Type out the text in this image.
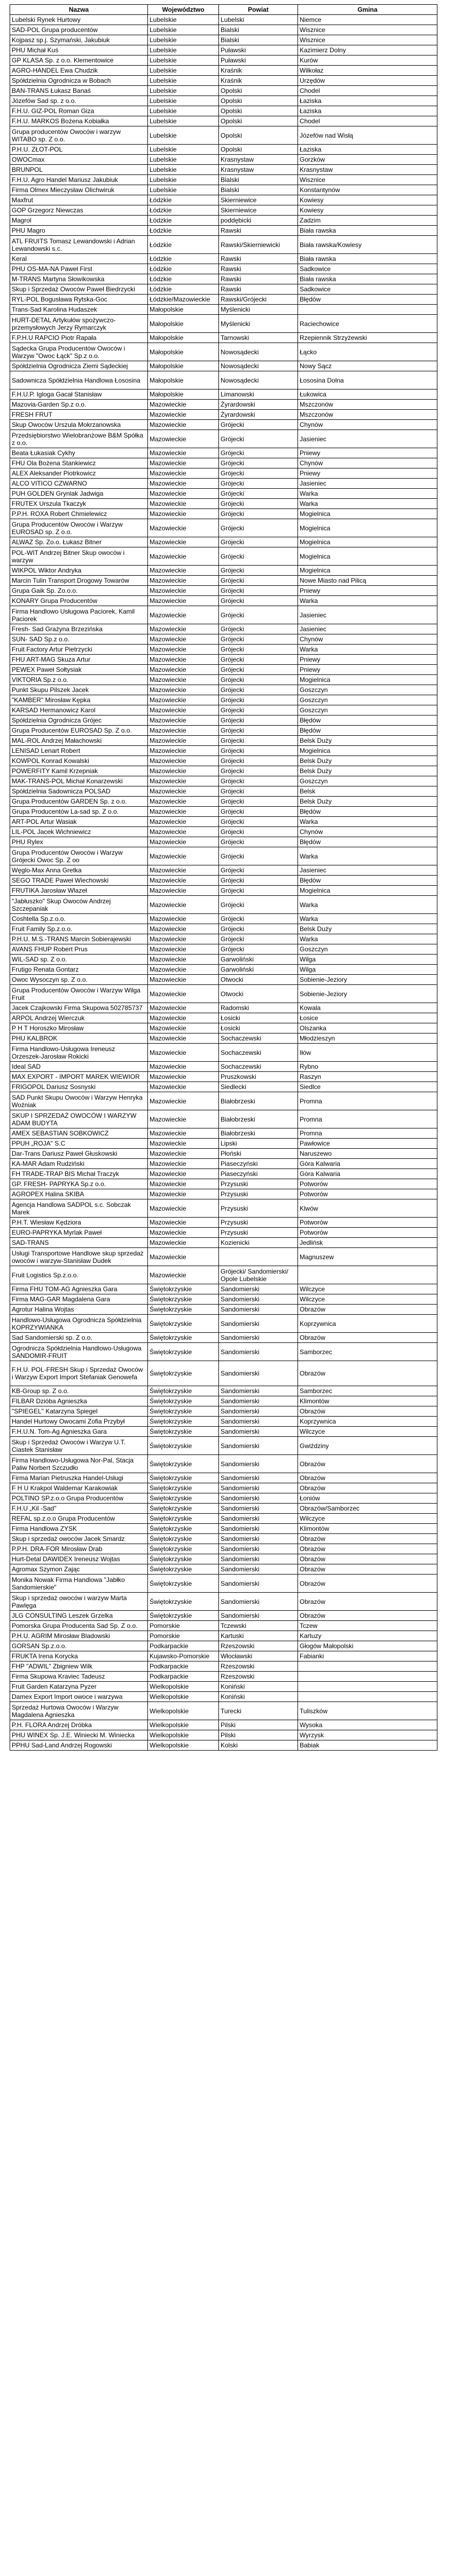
Nazwa	Województwo	Powiat	Gmina
Lubelski Rynek Hurtowy	Lubelskie	Lubelski	Niemce
SAD-POL Grupa producentów	Lubelskie	Bialski	Wisznice
Kojpasz sp.j. Szymański, Jakubiuk	Lubelskie	Bialski	Wisznice
PHU Michał Kuś	Lubelskie	Puławski	Kazimierz Dolny
GP KLASA Sp. z o.o. Klementowice	Lubelskie	Puławski	Kurów
AGRO-HANDEL Ewa Chudzik	Lubelskie	Kraśnik	Wilkołaz
Spółdzielnia Ogrodnicza w Bobach	Lubelskie	Kraśnik	Urzędów
BAN-TRANS Łukasz Banaś	Lubelskie	Opolski	Chodel
Józefów Sad sp. z o.o.	Lubelskie	Opolski	Łaziska
F.H.U. GIZ-POL Roman Giza	Lubelskie	Opolski	Łaziska
F.H.U. MARKOS Bożena Kobiałka	Lubelskie	Opolski	Chodel
Grupa producentów Owoców i warzyw WITABO sp. Z o.o.	Lubelskie	Opolski	Józefów nad Wisłą
P.H.U. ZŁOT-POL	Lubelskie	Opolski	Łaziska
OWOCmax	Lubelskie	Krasnystaw	Gorzków
BRUNPOL	Lubelskie	Krasnystaw	Krasnystaw
F.H.U. Agro Handel Mariusz Jakubiuk	Lubelskie	Bialski	Wisznice
Firma Olmex Mieczysław Olichwiruk	Lubelskie	Bialski	Konstantynów
Maxfrut	Łódzkie	Skierniewice	Kowiesy
GOP Grzegorz Niewczas	Łódzkie	Skierniewice	Kowiesy
Magrol	Łódzkie	poddębicki	Zadzim
PHU Magro	Łódzkie	Rawski	Biała rawska
ATL FRUITS Tomasz Lewandowski i Adrian Lewandowski s.c.	Łódzkie	Rawski/Skierniewicki	Biała rawska/Kowiesy
Keral	Łódzkie	Rawski	Biała rawska
PHU OS-MA-NA Paweł First	Łódzkie	Rawski	Sadkowice
M-TRANS Martyna Słowikowska	Łódzkie	Rawski	Biała rawska
Skup i Sprzedaż Owoców Paweł Biedrzycki	Łódzkie	Rawski	Sadkowice
RYL-POL Bogusława Rytska-Goc	Łódzkie/Mazowieckie	Rawski/Grójecki	Błędów
Trans-Sad Karolina Hudaszek	Małopolskie	Myślenicki	
HURT-DETAL Artykułów spożywczo-przemysłowych Jerzy Rymarczyk	Małopolskie	Myślenicki	Raciechowice
F.P.H.U RAPCIO Piotr Rapała	Małopolskie	Tarnowski	Rzepiennik Strzyżewski
Sądecka Grupa Producentów Owoców i Warzyw "Owoc Łąck" Sp.z o.o.	Małopolskie	Nowosądecki	Łącko
Spółdzielnia Ogrodnicza Ziemi Sądeckiej	Małopolskie	Nowosądecki	Nowy Sącz
Sadownicza Spółdzielnia Handlowa Łososina	Małopolskie	Nowosądecki	Łososina Dolna
F.H.U.P. Igloga Gacał Stanisław	Małopolskie	Limanowski	Łukowica
Mazovia-Garden Sp.z o.o.	Mazowieckie	Żyrardowski	Mszczonów
FRESH FRUT	Mazowieckie	Żyrardowski	Mszczonów
Skup Owoców Urszula Mokrzanowska	Mazowieckie	Grójecki	Chynów
Przedsiębiorstwo Wielobranżowe B&M Spółka z o.o.	Mazowieckie	Grójecki	Jasieniec
Beata Łukasiak Cykhy	Mazowieckie	Grójecki	Pniewy
FHU Ola Bożena Stankiewicz	Mazowieckie	Grójecki	Chynów
ALEX Aleksander Piotrkowicz	Mazowieckie	Grójecki	Pniewy
ALCO VITICO CZWARNO	Mazowieckie	Grójecki	Jasieniec
PUH GOLDEN Grynlak Jadwiga	Mazowieckie	Grójecki	Warka
FRUTEX Urszula Tkaczyk	Mazowieckie	Grójecki	Warka
P.P.H. ROXA Robert Chmielewicz	Mazowieckie	Grójecki	Mogielnica
Grupa Producentów Owoców i Warzyw EUROSAD sp. Z o.o.	Mazowieckie	Grójecki	Mogielnica
ALWAZ Sp. Zo.o. Łukasz Bitner	Mazowieckie	Grójecki	Mogielnica
POL-WIT Andrzej Bitner Skup owoców i warzyw	Mazowieckie	Grójecki	Mogielnica
WIKPOL Wiktor Andryka	Mazowieckie	Grójecki	Mogielnica
Marcin Tulin Transport Drogowy Towarów	Mazowieckie	Grójecki	Nowe Miasto nad Pilicą
Grupa Gaik Sp. Zo.o.o.	Mazowieckie	Grójecki	Pniewy
KONARY Grupa Producentów	Mazowieckie	Grójecki	Warka
Firma Handlowo Usługowa Paciorek, Kamil Paciorek	Mazowieckie	Grójecki	Jasieniec
Fresh- Sad Grażyna Brzezińska	Mazowieckie	Grójecki	Jasieniec
SUN- SAD Sp.z o.o.	Mazowieckie	Grójecki	Chynów
Fruit Factory Artur Pietrzycki	Mazowieckie	Grójecki	Warka
FHU ART-MAG Skuza Artur	Mazowieckie	Grójecki	Pniewy
PEWEX Paweł Sołtysiak	Mazowieckie	Grójecki	Pniewy
VIKTORIA Sp.z o.o.	Mazowieckie	Grójecki	Mogielnica
Punkt Skupu Pilszek Jacek	Mazowieckie	Grójecki	Goszczyn
"KAMBER" Mirosław Kępka	Mazowieckie	Grójecki	Goszczyn
KARSAD Hermanowicz Karol	Mazowieckie	Grójecki	Goszczyn
Spółdzielnia Ogrodnicza Grójec	Mazowieckie	Grójecki	Błędów
Grupa Producentów EUROSAD Sp. Z o.o.	Mazowieckie	Grójecki	Błędów
MAL-ROL Andrzej Małachowski	Mazowieckie	Grójecki	Belsk Duży
LENISAD Lenart Robert	Mazowieckie	Grójecki	Mogielnica
KOWPOL Konrad Kowalski	Mazowieckie	Grójecki	Belsk Duży
POWERFITY Kamil Krzepniak	Mazowieckie	Grójecki	Belsk Duży
MAK-TRANS-POL Michał Konarzewski	Mazowieckie	Grójecki	Goszczyn
Spółdzielnia Sadownicza POLSAD	Mazowieckie	Grójecki	Belsk
Grupa Producentów GARDEN Sp. z o.o.	Mazowieckie	Grójecki	Belsk Duży
Grupa Producentów La-sad sp. Z o.o.	Mazowieckie	Grójecki	Błędów
ART-POL Artur Wasiak	Mazowieckie	Grójecki	Warka
LIL-POL Jacek Wichniewicz	Mazowieckie	Grójecki	Chynów
PHU Rylex	Mazowieckie	Grójecki	Błędów
Grupa Producentów Owoców i Warzyw Grójecki Owoc Sp. Z oo	Mazowieckie	Grójecki	Warka
Węglo-Max Anna Gretka	Mazowieckie	Grójecki	Jasieniec
SEGO TRADE Paweł Wiechowski	Mazowieckie	Grójecki	Błędów
FRUTIKA Jarosław Wlazeł	Mazowieckie	Grójecki	Mogielnica
"Jabłuszko" Skup Owoców Andrzej Szczepaniak	Mazowieckie	Grójecki	Warka
Coshtella Sp.z.o.o.	Mazowieckie	Grójecki	Warka
Fruit Family Sp.z.o.o.	Mazowieckie	Grójecki	Belsk Duży
P.H.U. M.S.-TRANS Marcin Sobierajewski	Mazowieckie	Grójecki	Warka
AVANS FHUP Robert Prus	Mazowieckie	Grójecki	Goszczyn
WIL-SAD sp. Z o.o.	Mazowieckie	Garwoliński	Wilga
Frutigo Renata Gontarz	Mazowieckie	Garwoliński	Wilga
Owoc Wysoczyn sp. Z o.o.	Mazowieckie	Otwocki	Sobienie-Jeziory
Grupa Producentów Owoców i Warzyw Wilga Fruit	Mazowieckie	Otwocki	Sobienie-Jeziory
Jacek Czajkowski Firma Skupowa 502785737	Mazowieckie	Radomski	Kowala
ARPOL Andrzej Wierczuk	Mazowieckie	Łosicki	Łosice
P H T Horoszko Mirosław	Mazowieckie	Łosicki	Olszanka
PHU KALBROK	Mazowieckie	Sochaczewski	Młodzieszyn
Firma Handlowo-Usługowa Ireneusz Orzeszek-Jarosław Rokicki	Mazowieckie	Sochaczewski	Iłów
Ideal SAD	Mazowieckie	Sochaczewski	Rybno
MAX EXPORT - IMPORT MAREK WIEWIOR	Mazowieckie	Pruszkowski	Raszyn
FRIGOPOL Dariusz Sosnyski	Mazowieckie	Siedlecki	Siedlce
SAD Punkt Skupu Owoców i Warzyw Henryka Woźniak	Mazowieckie	Białobrzeski	Promna
SKUP I SPRZEDAŻ OWOCÓW I WARZYW ADAM BUDYTA	Mazowieckie	Białobrzeski	Promna
AMEX SEBASTIAN SOBKOWICZ	Mazowieckie	Białobrzeski	Promna
PPUH „ROJA" S.C	Mazowieckie	Lipski	Pawłowice
Dar-Trans Dariusz Paweł Głuskowski	Mazowieckie	Płoński	Naruszewo
KA-MAR Adam Rudziński	Mazowieckie	Piaseczyński	Góra Kalwaria
FH TRADE-TRAP BIS Michał Traczyk	Mazowieckie	Piaseczyński	Góra Kalwaria
GP. FRESH- PAPRYKA Sp.z o.o.	Mazowieckie	Przysuski	Potworów
AGROPEX Halina SKIBA	Mazowieckie	Przysuski	Potworów
Agencja Handlowa SADPOL s.c. Sobczak Marek	Mazowieckie	Przysuski	Klwów
P.H.T. Wiesław Kędziora	Mazowieckie	Przysuski	Potworów
EURO-PAPRYKA Myrlak Paweł	Mazowieckie	Przysuski	Potworów
SAD-TRANS	Mazowieckie	Kozienicki	Jedlińsk
Usługi Transportowe Handlowe skup sprzedaż owoców i warzyw-Stanisław Dudek	Mazowieckie		Magnuszew
Fruit Logistics Sp.z.o.o.	Mazowieckie	Grójecki/ Sandomierski/ Opole Lubelskie	
Firma FHU TOM-AG Agnieszka Gara	Świętokrzyskie	Sandomierski	Wilczyce
Firma MAG-GAR Magdalena Gara	Świętokrzyskie	Sandomierski	Wilczyce
Agrotur Halina Wojtas	Świętokrzyskie	Sandomierski	Obrazów
Handlowo-Usługowa Ogrodnicza Spółdzielnia KOPRZYWIANKA	Świętokrzyskie	Sandomierski	Koprzywnica
Sad Sandomierski sp. Z o.o.	Świętokrzyskie	Sandomierski	Obrazów
Ogrodnicza Spółdzielnia Handlowo-Usługowa SANDOMIR-FRUIT	Świętokrzyskie	Sandomierski	Samborzec
F.H.U. POL-FRESH Skup i Sprzedaż Owoców i Warzyw Export Import Stefaniak Genowefa	Świętokrzyskie	Sandomierski	Obrazów
KB-Group sp. Z o.o.	Świętokrzyskie	Sandomierski	Samborzec
FILBAR Dzióba Agnieszka	Świętokrzyskie	Sandomierski	Klimontów
"SPIEGEL" Katarzyna Spiegel	Świętokrzyskie	Sandomierski	Obrazów
Handel Hurtowy Owocami Zofia Przybył	Świętokrzyskie	Sandomierski	Koprzywnica
F.H.U.N. Tom-Ag Agnieszka Gara	Świętokrzyskie	Sandomierski	Wilczyce
Skup i Sprzedaż Owoców i Warzyw U.T. Ciastek Stanisław	Świętokrzyskie	Sandomierski	Gwiździny
Firma Handlowo-Usługowa Nor-Pal, Stacja Paliw Norbert Szczudło	Świętokrzyskie	Sandomierski	Obrazów
Firma Marian Pietruszka Handel-Usługi	Świętokrzyskie	Sandomierski	Obrazów
F H U Krakpol Waldemar Karakowiak	Świętokrzyskie	Sandomierski	Obrazów
POLTINO SP.z.o.o Grupa Producentów	Świętokrzyskie	Sandomierski	Łoniów
F.H.U „Kil -Sad"	Świętokrzyskie	Sandomierski	Obrazów/Samborzec
REFAL sp.z.o.o Grupa Producentów	Świętokrzyskie	Sandomierski	Wilczyce
Firma Handlowa ZYSK	Świętokrzyskie	Sandomierski	Klimontów
Skup i sprzedaż owoców Jacek Smardz	Świętokrzyskie	Sandomierski	Obrazów
P.P.H. DRA-FOR Mirosław Drab	Świętokrzyskie	Sandomierski	Obrazów
Hurt-Detal DAWIDEX Ireneusz Wojtas	Świętokrzyskie	Sandomierski	Obrazów
Agromax Szymon Zając	Świętokrzyskie	Sandomierski	Obrazów
Monika Nowak Firma Handlowa "Jabłko Sandomierskie"	Świętokrzyskie	Sandomierski	Obrazów
Skup i sprzedaż owoców i warzyw Marta Pawlęga	Świętokrzyskie	Sandomierski	Obrazów
JLG CONSULTING Leszek Grzelka	Świętokrzyskie	Sandomierski	Obrazów
Pomorska Grupa Producenta Sad Sp. Z o.o.	Pomorskie	Tczewski	Tczew
P.H.U. AGRIM Mirosław Bladowski	Pomorskie	Kartuski	Kartuzy
GORSAN Sp.z.o.o.	Podkarpackie	Rzeszowski	Głogów Małopolski
FRUKTA Irena Korycka	Kujawsko-Pomorskie	Włocławski	Fabianki
FHP "ADWIL" Zbigniew Wilk	Podkarpackie	Rzeszowski	
Firma Skupowa Kraviec Tadeusz	Podkarpackie	Rzeszowski	
Fruit Garden Katarzyna Pyzer	Wielkopolskie	Koniński	
Damex Export Import owoce i warzywa	Wielkopolskie	Koniński	
Sprzedaż Hurtowa Owoców i Warzyw Magdalena Agnieszka	Wielkopolskie	Turecki	Tuliszków
P.H. FLORA Andrzej Dróbka	Wielkopolskie	Pilski	Wysoka
PHU WINEX Sp. J.E. Winiecki M. Winiecka	Wielkopolskie	Pilski	Wyrzysk
PPHU Sad-Land Andrzej Rogowski	Wielkopolskie	Kolski	Babiak
